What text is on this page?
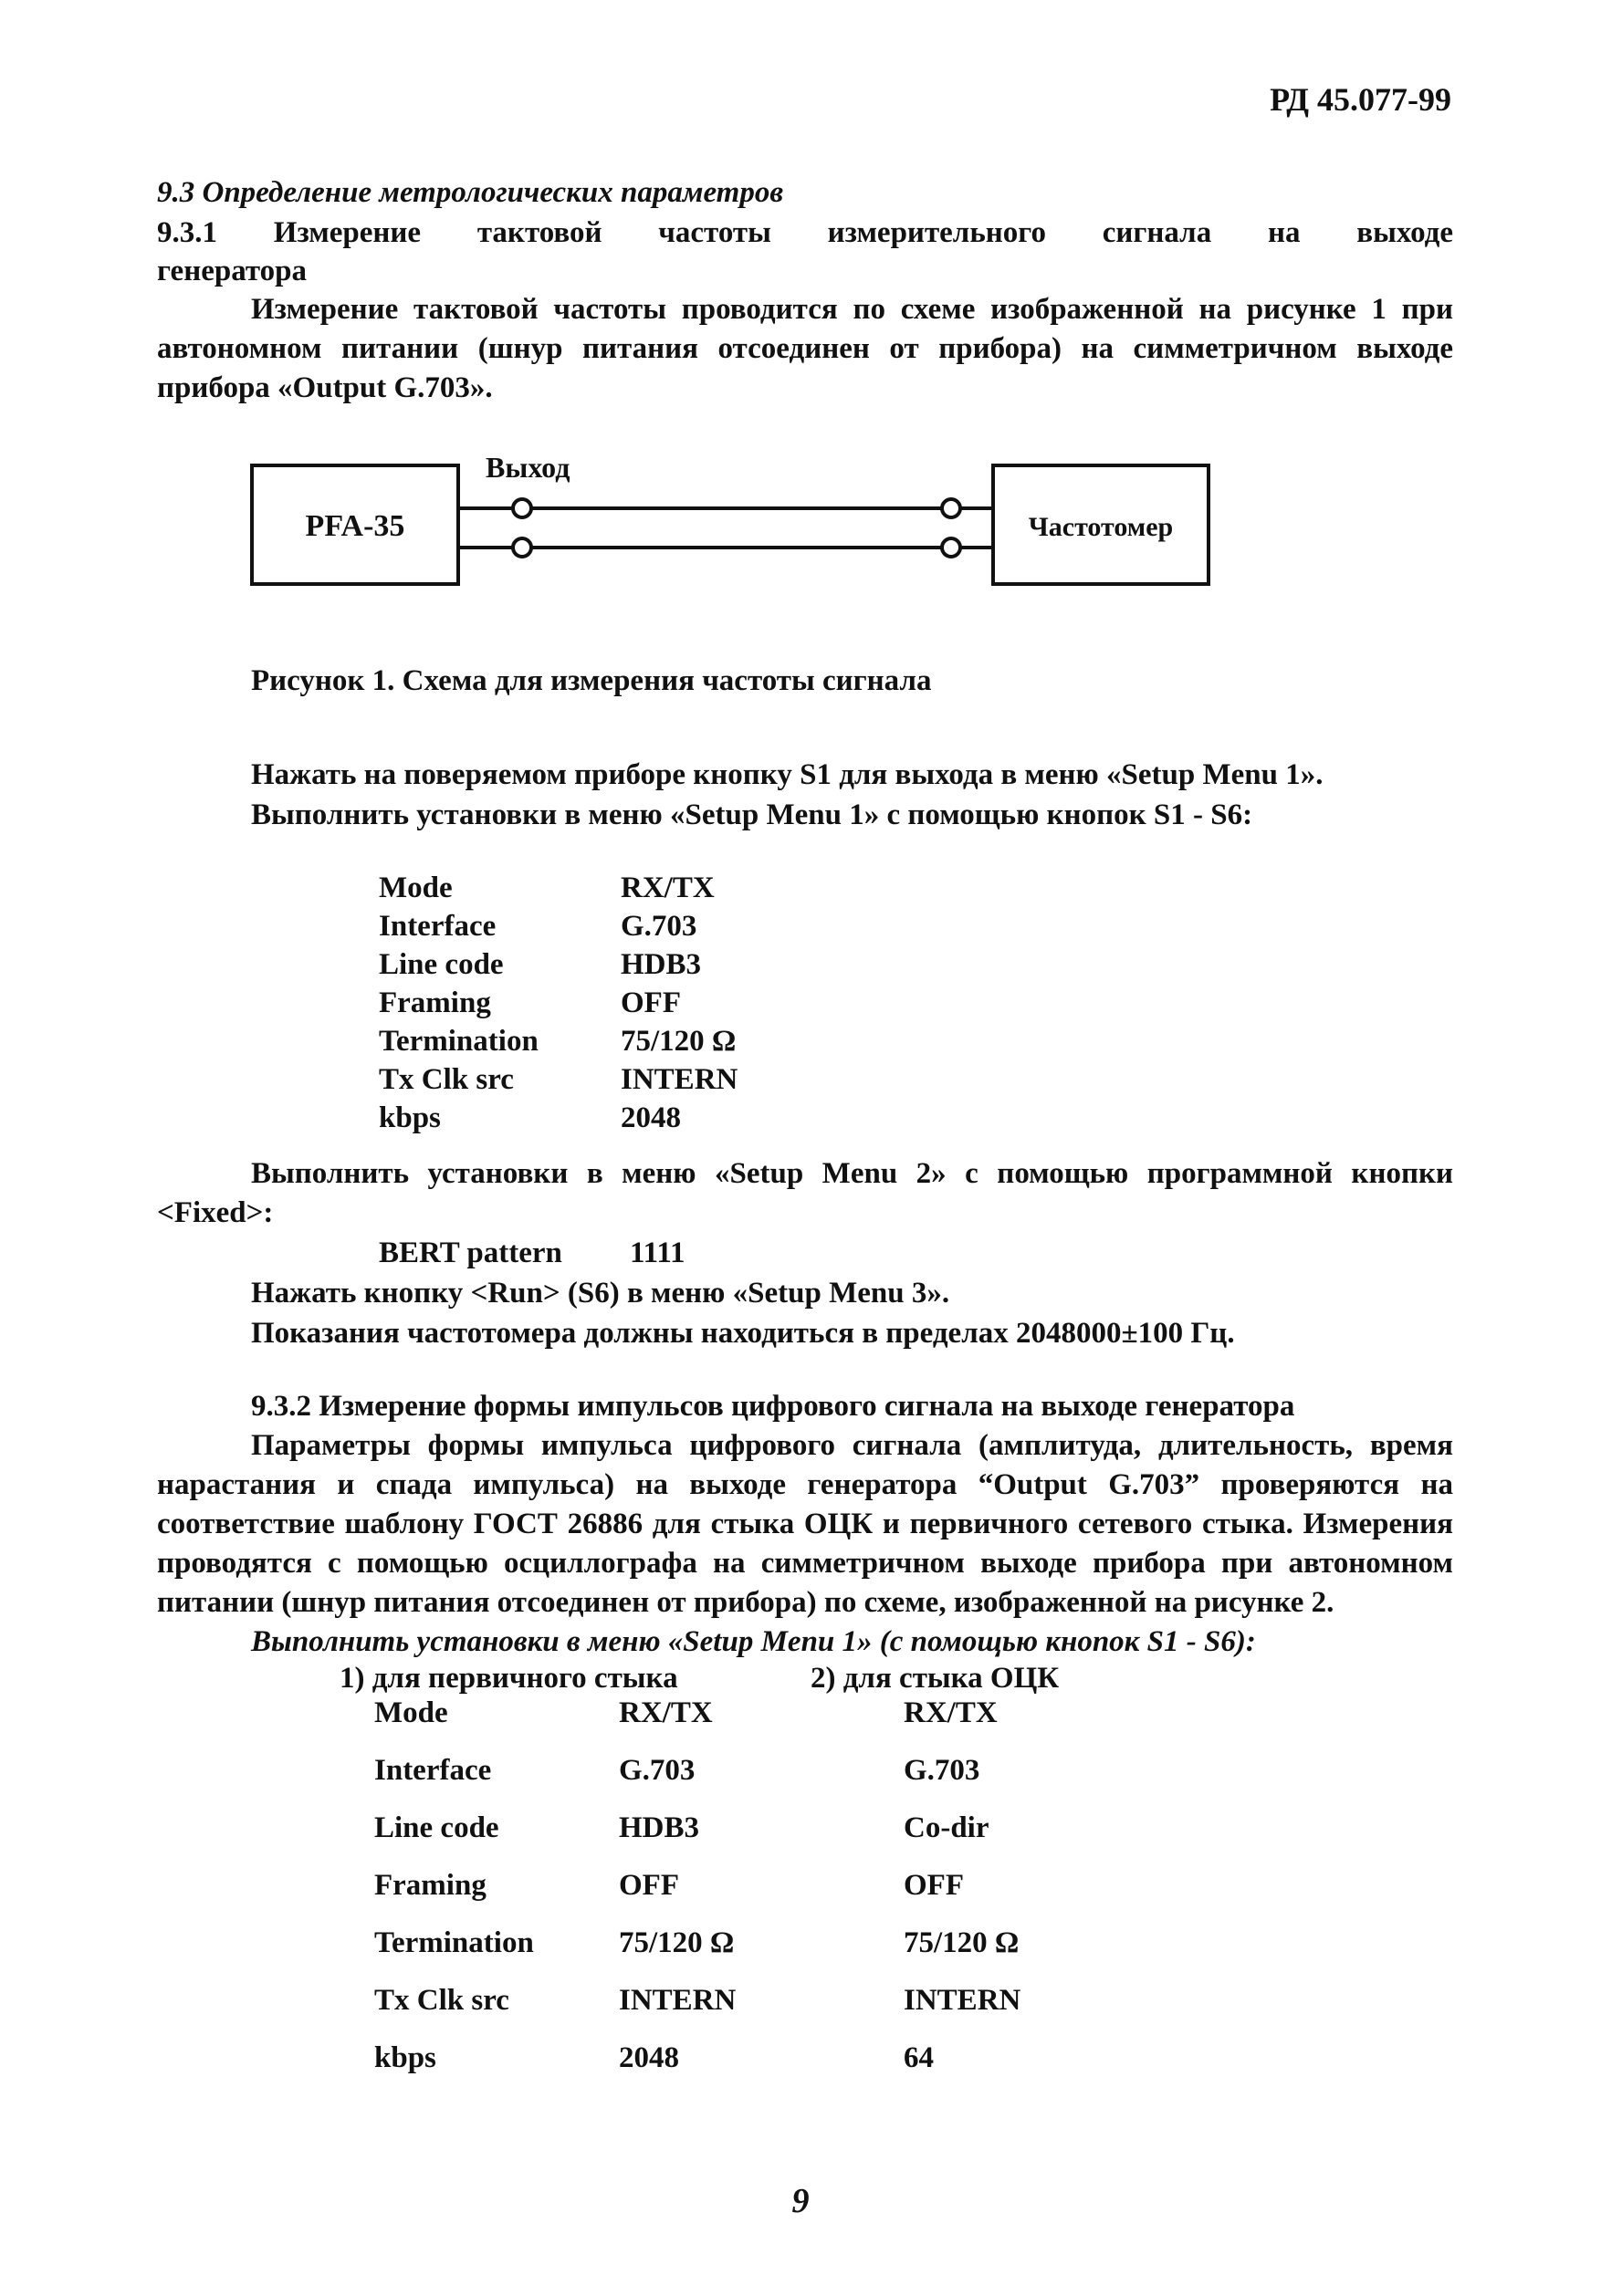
РД 45.077-99
9.3 Определение метрологических параметров
9.3.1 Измерение тактовой частоты измерительного сигнала на выходе
генератора
Измерение тактовой частоты проводится по схеме изображенной на рисунке 1 при
автономном питании (шнур питания отсоединен от прибора) на симметричном выходе
прибора «Output G.703».
PFA-35
Выход
Частотомер
Рисунок 1. Схема для измерения частоты сигнала
Нажать на поверяемом приборе кнопку S1 для выхода в меню «Setup Menu 1».
Выполнить установки в меню «Setup Menu 1» с помощью кнопок S1 - S6:
Mode	RX/TX
Interface	G.703
Line code	HDB3
Framing	OFF
Termination	75/120 Ω
Tx Clk src	INTERN
kbps	2048
Выполнить установки в меню «Setup Menu 2» с помощью программной кнопки
<Fixed>:
BERT pattern	1111
Нажать кнопку <Run> (S6) в меню «Setup Menu 3».
Показания частотомера должны находиться в пределах 2048000±100 Гц.
9.3.2 Измерение формы импульсов цифрового сигнала на выходе генератора
Параметры формы импульса цифрового сигнала (амплитуда, длительность, время
нарастания и спада импульса) на выходе генератора “Output G.703” проверяются на
соответствие шаблону ГОСТ 26886 для стыка ОЦК и первичного сетевого стыка. Измерения
проводятся с помощью осциллографа на симметричном выходе прибора при автономном
питании (шнур питания отсоединен от прибора) по схеме, изображенной на рисунке 2.
Выполнить установки в меню «Setup Menu 1» (с помощью кнопок S1 - S6):
1) для первичного стыка	2) для стыка ОЦК
Mode	RX/TX	RX/TX
Interface	G.703	G.703
Line code	HDB3	Co-dir
Framing	OFF	OFF
Termination	75/120 Ω	75/120 Ω
Tx Clk src	INTERN	INTERN
kbps	2048	64
9
